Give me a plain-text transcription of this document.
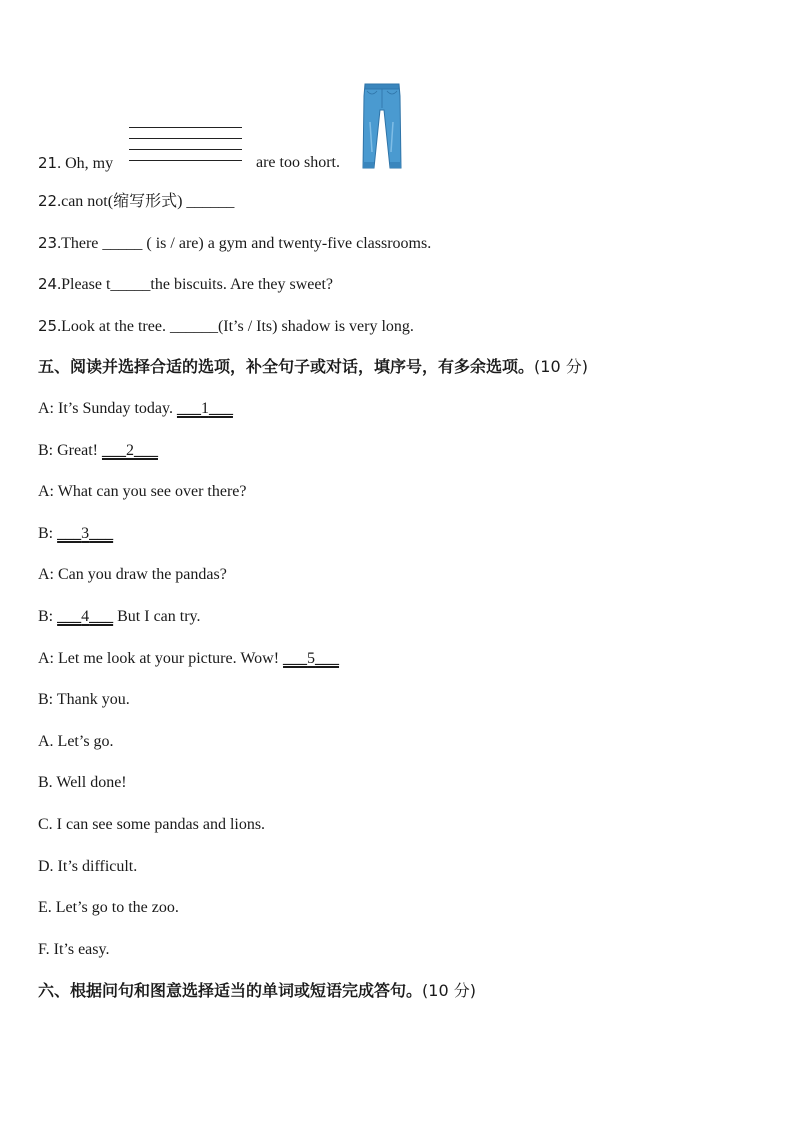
21. Oh, my	are too short.
22.can not(缩写形式) ______
23.There _____ ( is / are) a gym and twenty-five classrooms.
24.Please t_____the biscuits. Are they sweet?
25.Look at the tree. ______(It’s / Its) shadow is very long.
五、阅读并选择合适的选项，补全句子或对话，填序号，有多余选项。(10 分)
A: It’s Sunday today. ___1___
B: Great! ___2___
A: What can you see over there?
B: ___3___
A: Can you draw the pandas?
B: ___4___ But I can try.
A: Let me look at your picture. Wow! ___5___
B: Thank you.
A. Let’s go.
B. Well done!
C. I can see some pandas and lions.
D. It’s difficult.
E. Let’s go to the zoo.
F. It’s easy.
六、根据问句和图意选择适当的单词或短语完成答句。(10 分)
